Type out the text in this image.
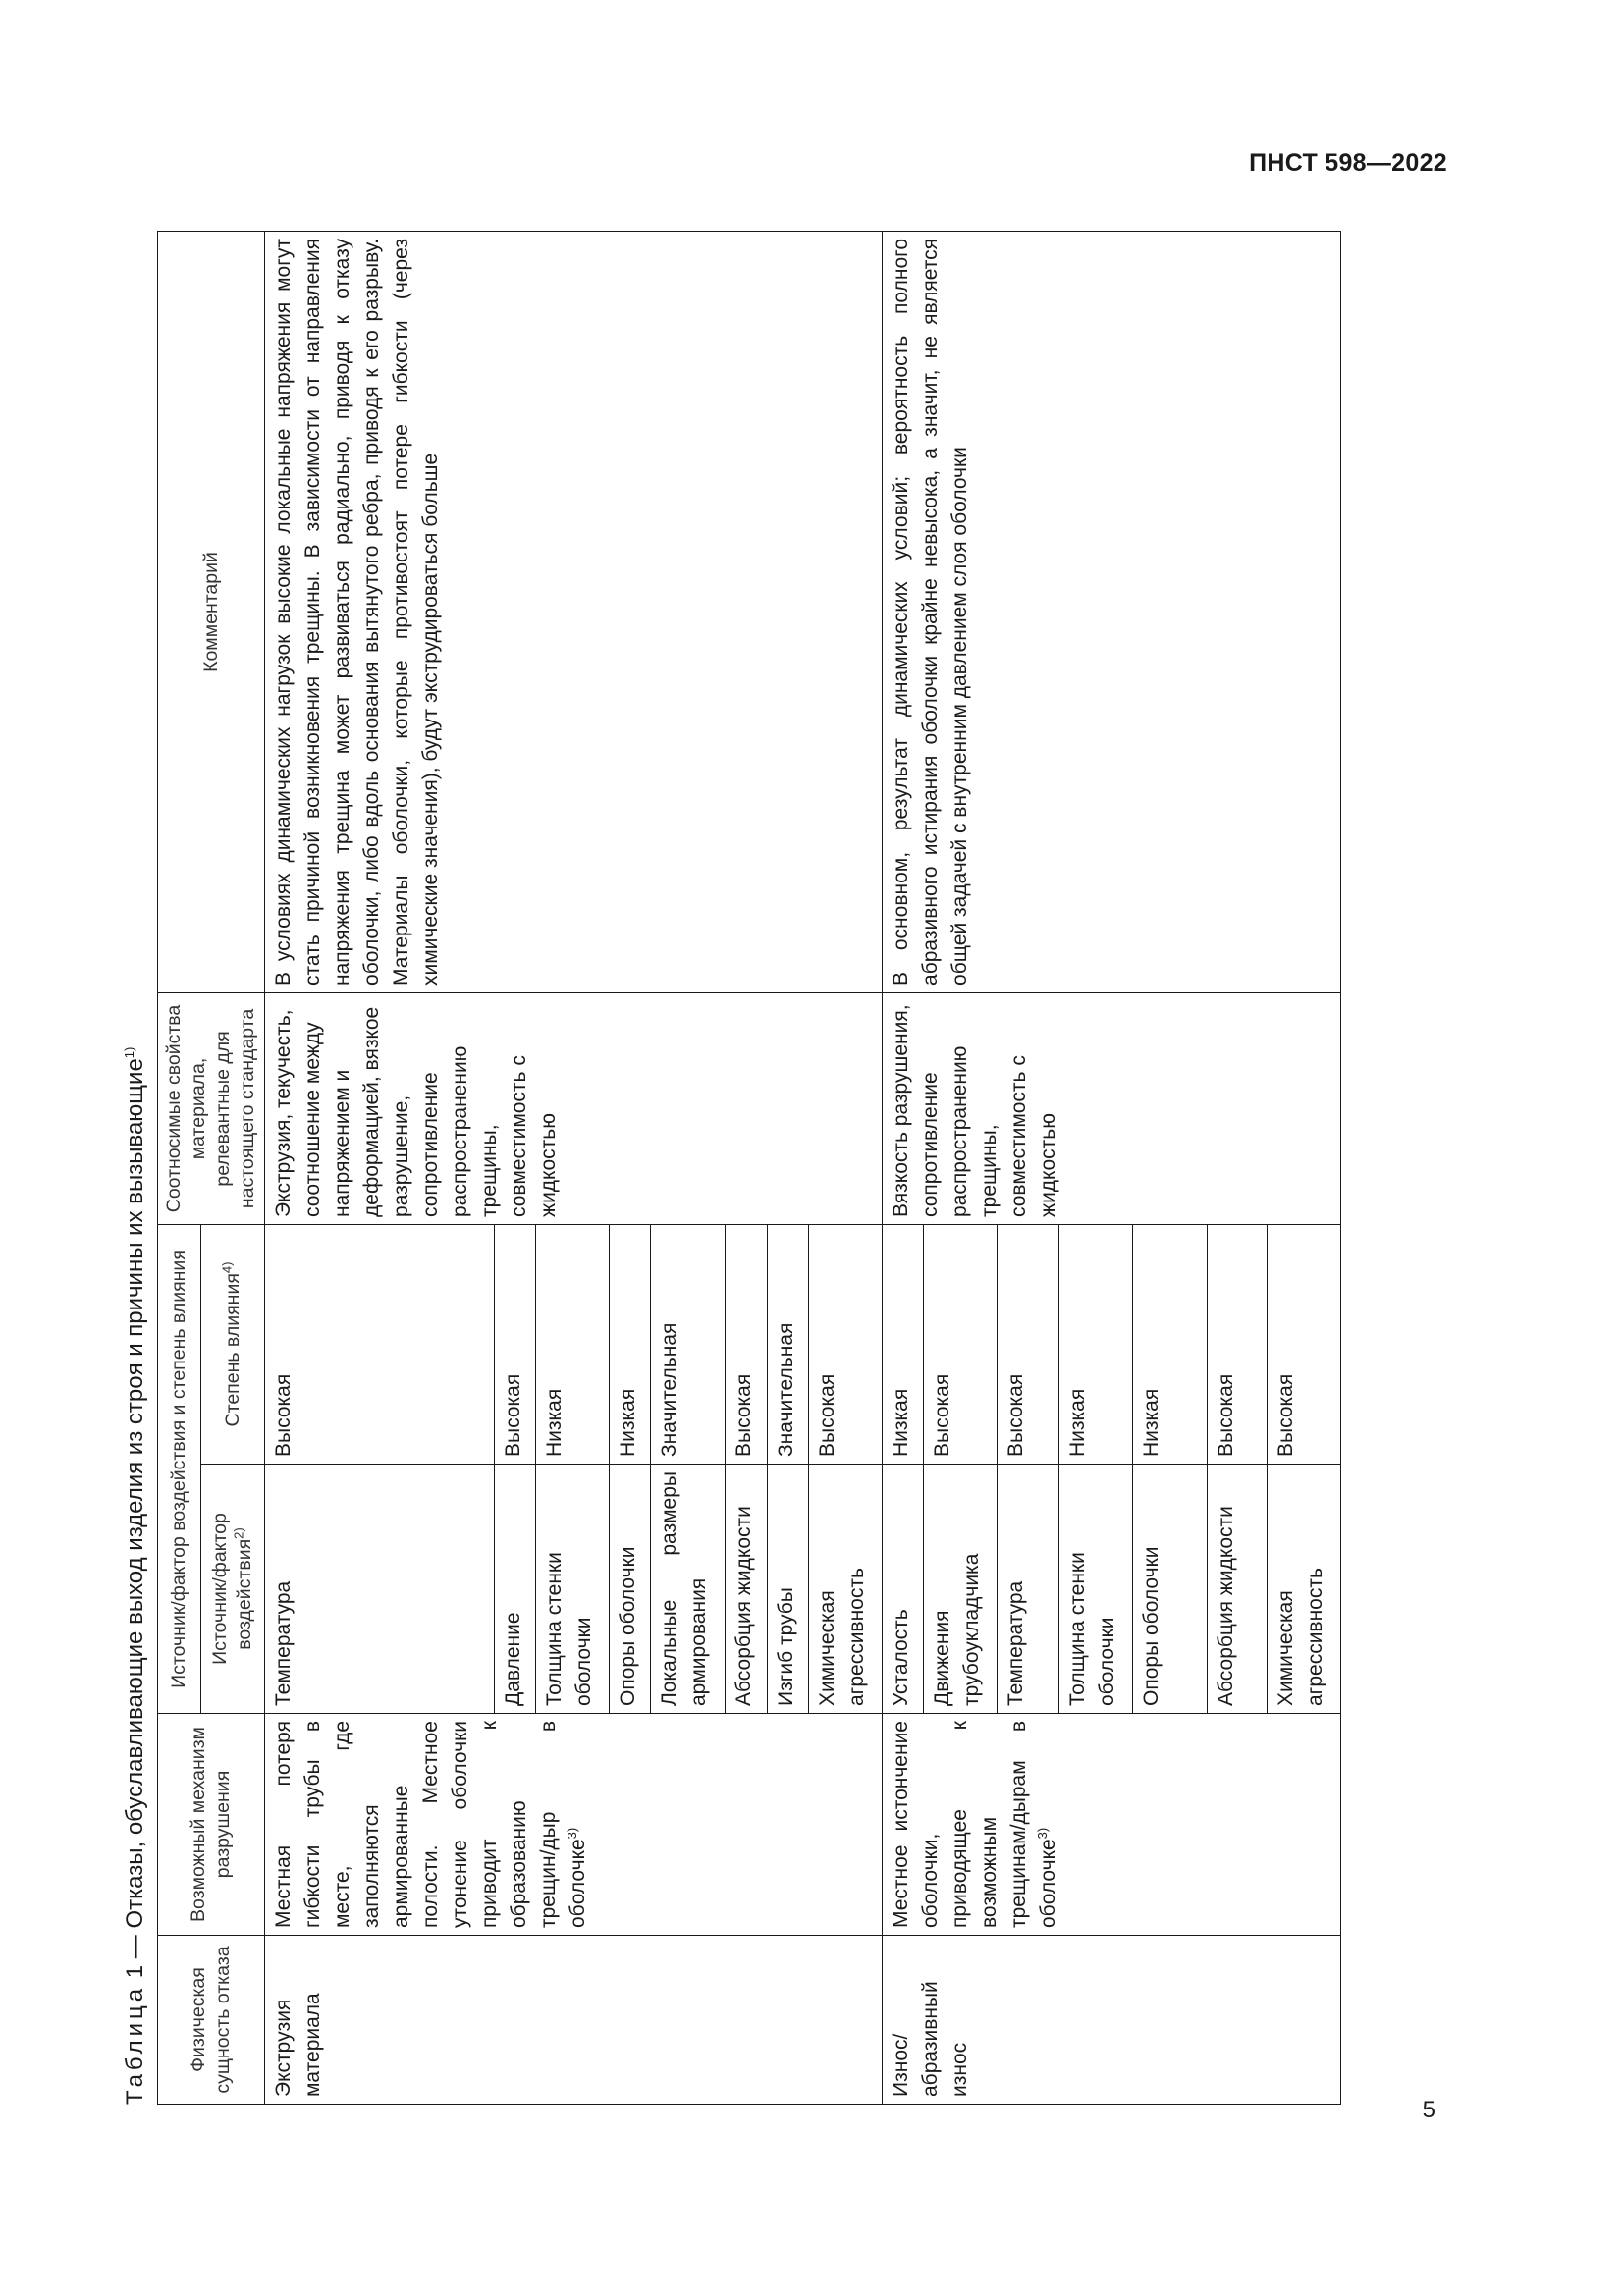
ПНСТ 598—2022
Таблица 1 — Отказы, обуславливающие выход изделия из строя и причины их вызывающие$^{1)}$
Физическая сущность отказа	Возможный механизм разрушения	Источник/фактор воздействия и степень влияния		Соотносимые свойства материала, релевантные для настоящего стандарта	Комментарий
		Источник/фактор воздействия$^{2)}$	Степень влияния$^{4)}$
Экструзия материала	Местная потеря гибкости трубы в месте, где заполняются армированные полости. Местное утонение оболочки приводит к образованию трещин/дыр в оболочке$^{3)}$	Температура	Высокая	Экструзия, текучесть, соотношение между напряжением и деформацией, вязкое разрушение, сопротивление распространению трещины, совместимость с жидкостью	В условиях динамических нагрузок высокие локальные напряжения могут стать причиной возникновения трещины. В зависимости от направления напряжения трещина может развиваться радиально, приводя к отказу оболочки, либо вдоль основания вытянутого ребра, приводя к его разрыву. Материалы оболочки, которые противостоят потере гибкости (через химические значения), будут экструдироваться больше
		Давление	Высокая		
		Толщина стенки оболочки	Низкая		
		Опоры оболочки	Низкая		
		Локальные размеры армирования	Значительная		
		Абсорбция жидкости	Высокая		
		Изгиб трубы	Значительная		
		Химическая агрессивность	Высокая		
Износ/абразивный износ	Местное истончение оболочки, приводящее к возможным трещинам/дырам в оболочке$^{3)}$	Усталость	Низкая	Вязкость разрушения, сопротивление распространению трещины, совместимость с жидкостью	В основном, результат динамических условий; вероятность полного абразивного истирания оболочки крайне невысока, а значит, не является общей задачей с внутренним давлением слоя оболочки
		Движения трубоукладчика	Высокая		
		Температура	Высокая		
		Толщина стенки оболочки	Низкая		
		Опоры оболочки	Низкая		
		Абсорбция жидкости	Высокая		
		Химическая агрессивность	Высокая		
5
